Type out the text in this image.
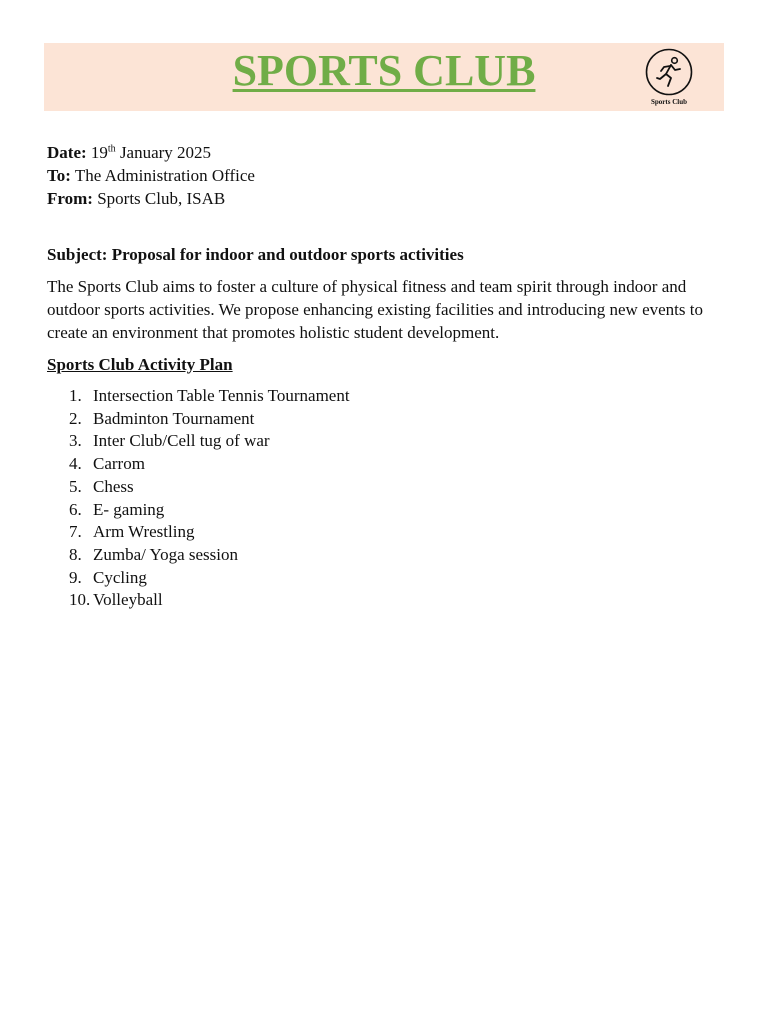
SPORTS CLUB
Sports Club
Date: 19th January 2025
To: The Administration Office
From: Sports Club, ISAB
Subject: Proposal for indoor and outdoor sports activities
The Sports Club aims to foster a culture of physical fitness and team spirit through indoor and outdoor sports activities. We propose enhancing existing facilities and introducing new events to create an environment that promotes holistic student development.
Sports Club Activity Plan
1. Intersection Table Tennis Tournament
2. Badminton Tournament
3. Inter Club/Cell tug of war
4. Carrom
5. Chess
6. E- gaming
7. Arm Wrestling
8. Zumba/ Yoga session
9. Cycling
10. Volleyball
